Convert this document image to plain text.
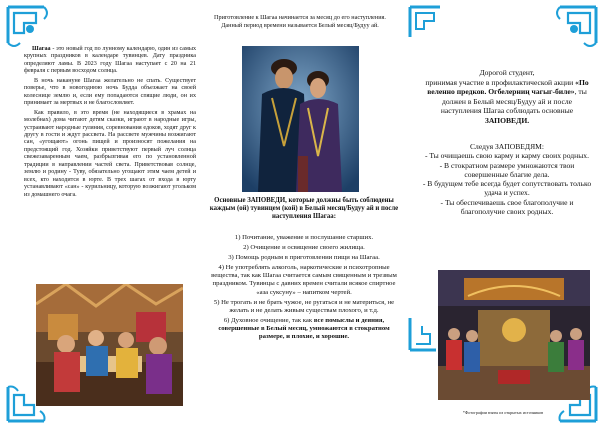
Шагаа - это новый год по лунному календарю, один из самых крупных праздников в календаре тувинцев. Дату праздника определяют ламы. В 2023 году Шагаа наступает с 20 на 21 февраля с первым восходом солнца.

В ночь накануне Шагаа желательно не спать. Существует поверье, что в новогоднюю ночь Будда объезжает на своей колеснице землю и, если ему попадаются спящие люди, он их принимает за мертвых и не благословляет.

Как правило, в это время (не находящиеся в храмах на молебнах) дома читают детям сказки, играют в народные игры, устраивают народные гуляния, соревнования едоков, ходят друг к другу в гости и ждут рассвета. На рассвете мужчины возжигают сан, «угощают» огонь пищей и произносят пожелания на предстоящий год. Хозяйки приветствуют первый луч солнца свежезаваренным чаем, разбрызгивая его по установленной традиции в направлении частей света. Приветствовав солнце, землю и родину - Туву, обязательно угощают этим чаем детей и всех, кто находится в юрте. В трех шагах от входа в юрту устанавливают «сан» - курильницу, которую возжигают угольком из домашнего очага.

Приготовление к Шагаа начинается за месяц до его наступления. Данный период времени называется Белый месяц/Будуу ай.
Основные ЗАПОВЕДИ, которые должны быть соблюдены каждым (ой) тувинцем (кой) в Белый месяц/Будуу ай и после наступления Шагаа:
1) Почитание, уважение и послушание старших.
2) Очищение и освящение своего жилища.
3) Помощь родным в приготовлении пищи на Шагаа.
4) Не употреблять алкоголь, наркотические и психотропные вещества, так как Шагаа считается самым священным и трезвым праздником. Тувинцы с давних времен считали всякое спиртное «аза суксуну» – напитком чертей.
5) Не трогать и не брать чужое, не ругаться и не материться, не желать и не делать живым существам плохого, и т.д.
6) Духовное очищение, так как все помыслы и деяния, совершенные в Белый месяц, умножаются в стократном размере, и плохие, и хорошие.
Дорогой студент,
принимая участие в профилактической акции «По веленно предков. Огбелерниң чагыг-биле», ты должен в Белый месяц/Будуу ай и после наступления Шагаа соблюдать основные ЗАПОВЕДИ.
Следуя ЗАПОВЕДЯМ:
- Ты очищаешь свою карму и карму своих родных.
- В стократном размере умножаются твои совершенные благие дела.
- В будущем тебе всегда будет сопутствовать только удача и успех.
- Ты обеспечиваешь свое благополучие и благополучие своих родных.
*Фотографии взяты из открытых источников
